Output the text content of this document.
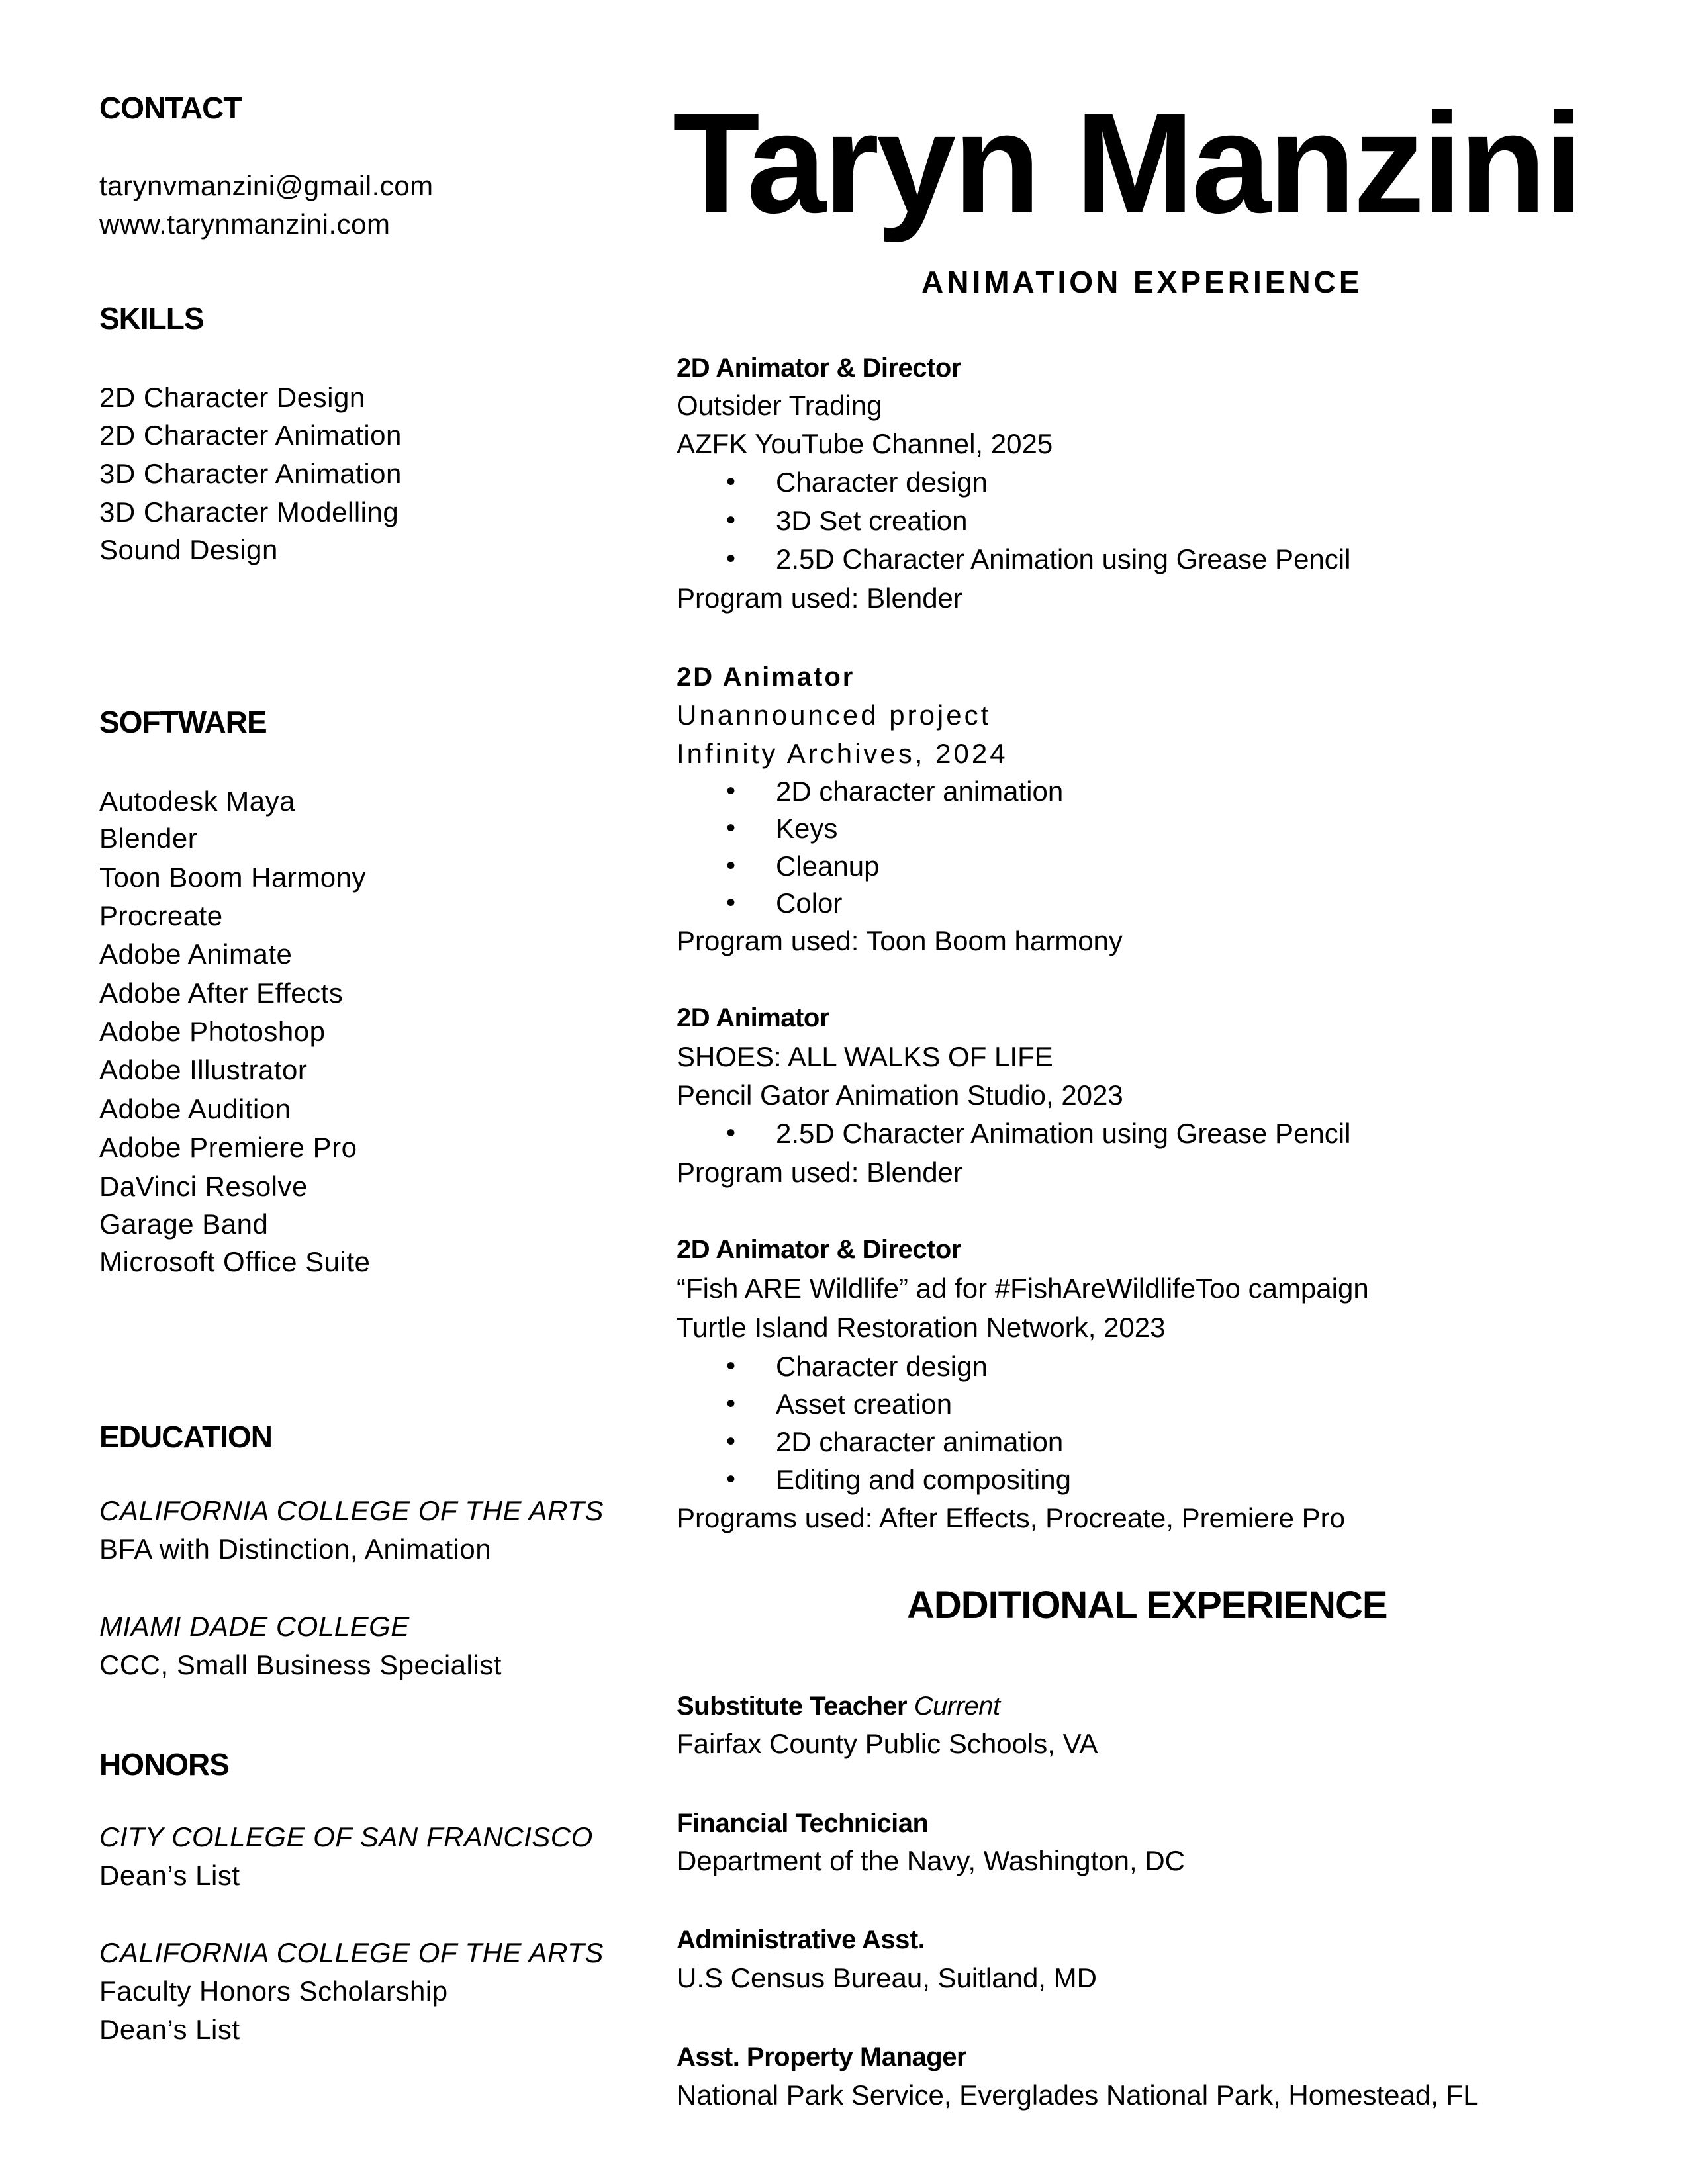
CONTACT
tarynvmanzini@gmail.com
www.tarynmanzini.com
SKILLS
2D Character Design
2D Character Animation
3D Character Animation
3D Character Modelling
Sound Design
SOFTWARE
Autodesk Maya
Blender
Toon Boom Harmony
Procreate
Adobe Animate
Adobe After Effects
Adobe Photoshop
Adobe Illustrator
Adobe Audition
Adobe Premiere Pro
DaVinci Resolve
Garage Band
Microsoft Office Suite
EDUCATION
CALIFORNIA COLLEGE OF THE ARTS
BFA with Distinction, Animation
MIAMI DADE COLLEGE
CCC, Small Business Specialist
HONORS
CITY COLLEGE OF SAN FRANCISCO
Dean’s List
CALIFORNIA COLLEGE OF THE ARTS
Faculty Honors Scholarship
Dean’s List
Taryn Manzini
ANIMATION EXPERIENCE
2D Animator & Director
Outsider Trading
AZFK YouTube Channel, 2025
• Character design
• 3D Set creation
• 2.5D Character Animation using Grease Pencil
Program used: Blender
2D Animator
Unannounced project
Infinity Archives, 2024
• 2D character animation
• Keys
• Cleanup
• Color
Program used: Toon Boom harmony
2D Animator
SHOES: ALL WALKS OF LIFE
Pencil Gator Animation Studio, 2023
• 2.5D Character Animation using Grease Pencil
Program used: Blender
2D Animator & Director
“Fish ARE Wildlife” ad for #FishAreWildlifeToo campaign
Turtle Island Restoration Network, 2023
• Character design
• Asset creation
• 2D character animation
• Editing and compositing
Programs used: After Effects, Procreate, Premiere Pro
ADDITIONAL EXPERIENCE
Substitute Teacher Current
Fairfax County Public Schools, VA
Financial Technician
Department of the Navy, Washington, DC
Administrative Asst.
U.S Census Bureau, Suitland, MD
Asst. Property Manager
National Park Service, Everglades National Park, Homestead, FL
